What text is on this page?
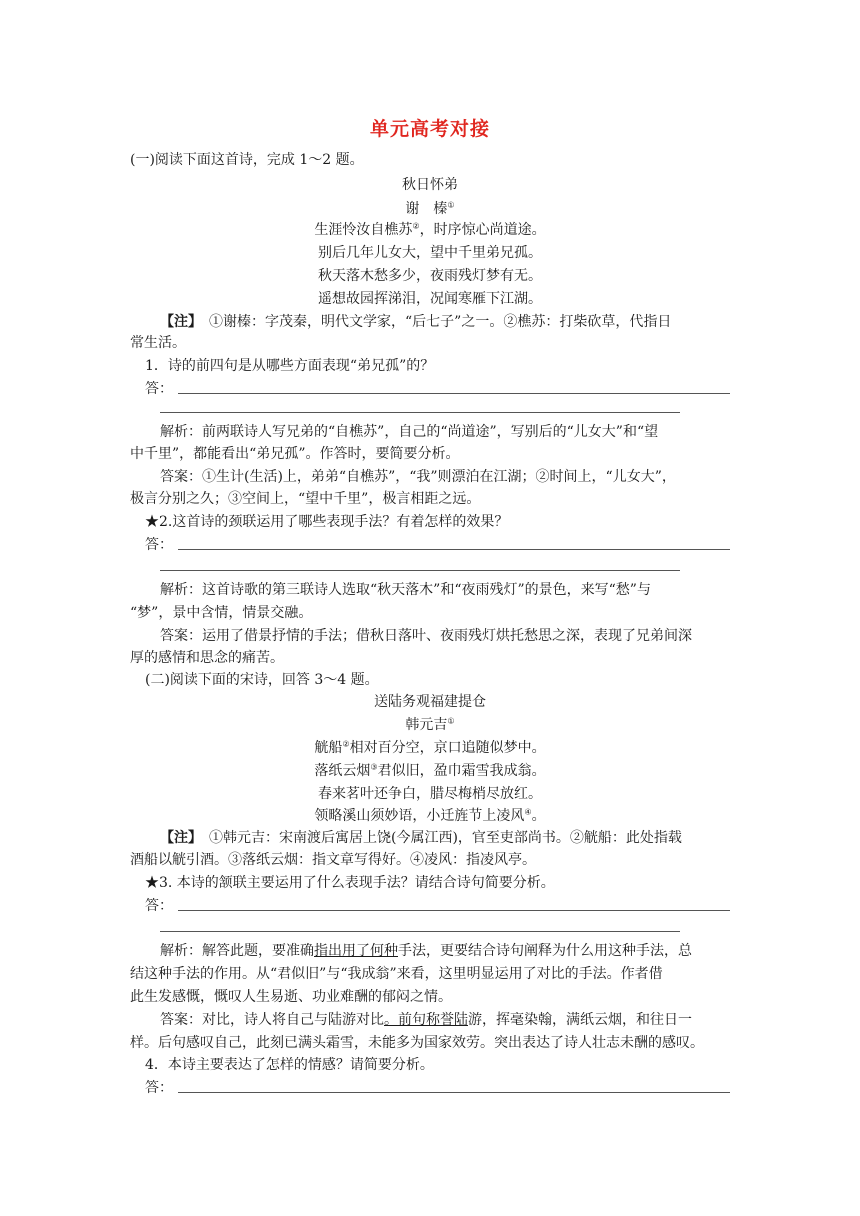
单元高考对接
(一)阅读下面这首诗，完成 1～2 题。
秋日怀弟
谢　榛①
生涯怜汝自樵苏②，时序惊心尚道途。
别后几年儿女大，望中千里弟兄孤。
秋天落木愁多少，夜雨残灯梦有无。
遥想故园挥涕泪，况闻寒雁下江湖。
【注】　①谢榛：字茂秦，明代文学家，“后七子”之一。②樵苏：打柴砍草，代指日
常生活。
1．诗的前四句是从哪些方面表现“弟兄孤”的？
答：
解析：前两联诗人写兄弟的“自樵苏”，自己的“尚道途”，写别后的“儿女大”和“望
中千里”，都能看出“弟兄孤”。作答时，要简要分析。
答案：①生计(生活)上，弟弟“自樵苏”，“我”则漂泊在江湖；②时间上，“儿女大”，
极言分别之久；③空间上，“望中千里”，极言相距之远。
★2.这首诗的颈联运用了哪些表现手法？有着怎样的效果？
答：
解析：这首诗歌的第三联诗人选取“秋天落木”和“夜雨残灯”的景色，来写“愁”与
“梦”，景中含情，情景交融。
答案：运用了借景抒情的手法；借秋日落叶、夜雨残灯烘托愁思之深，表现了兄弟间深
厚的感情和思念的痛苦。
(二)阅读下面的宋诗，回答 3～4 题。
送陆务观福建提仓
韩元吉①
觥船②相对百分空，京口追随似梦中。
落纸云烟③君似旧，盈巾霜雪我成翁。
春来茗叶还争白，腊尽梅梢尽放红。
领略溪山须妙语，小迁旌节上凌风④。
【注】　①韩元吉：宋南渡后寓居上饶(今属江西)，官至吏部尚书。②觥船：此处指载
酒船以觥引酒。③落纸云烟：指文章写得好。④凌风：指凌风亭。
★3. 本诗的颔联主要运用了什么表现手法？请结合诗句简要分析。
答：
解析：解答此题，要准确指出用了何种手法，更要结合诗句阐释为什么用这种手法，总
结这种手法的作用。从“君似旧”与“我成翁”来看，这里明显运用了对比的手法。作者借
此生发感慨，慨叹人生易逝、功业难酬的郁闷之情。
答案：对比，诗人将自己与陆游对比。前句称誉陆游，挥毫染翰，满纸云烟，和往日一
样。后句感叹自己，此刻已满头霜雪，未能多为国家效劳。突出表达了诗人壮志未酬的感叹。
4．本诗主要表达了怎样的情感？请简要分析。
答：
